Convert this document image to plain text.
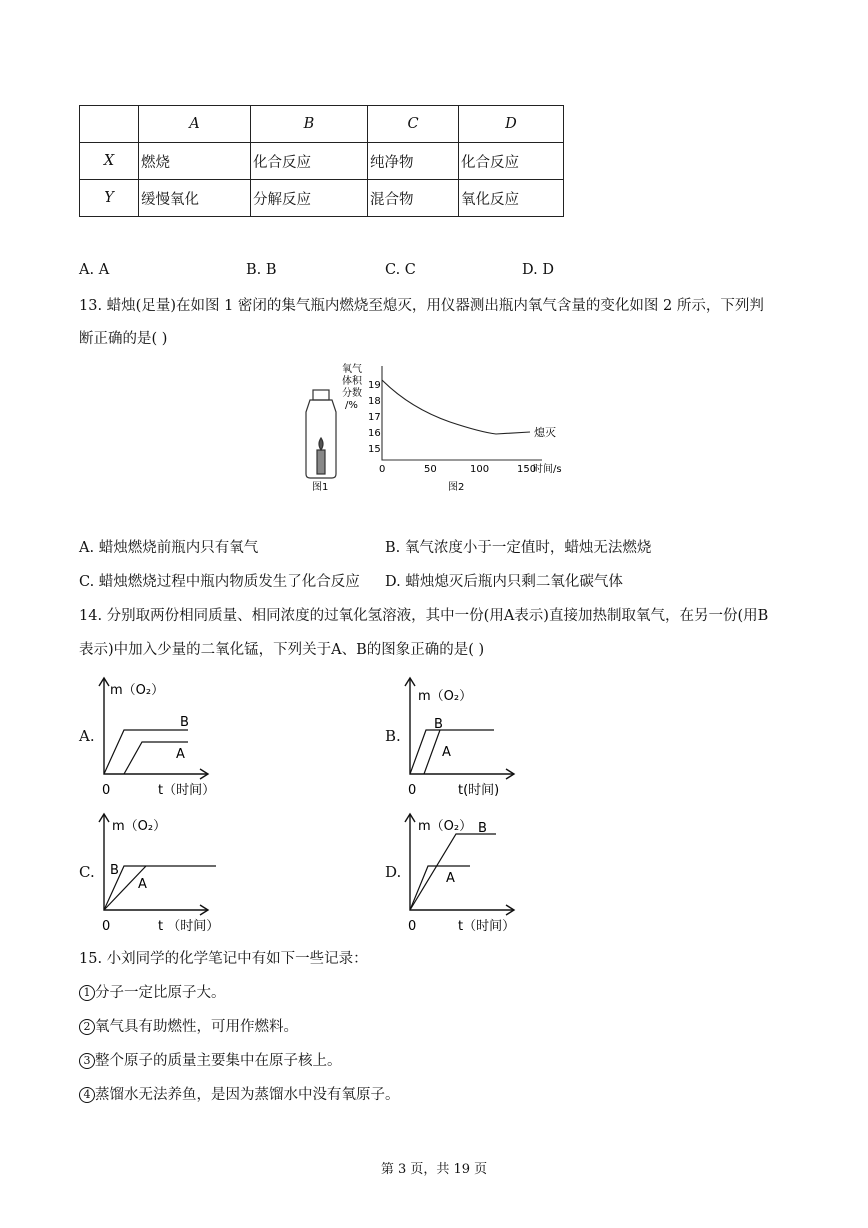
	A	B	C	D
X	燃烧	化合反应	纯净物	化合反应
Y	缓慢氧化	分解反应	混合物	氧化反应
A. A	B. B	C. C	D. D
13. 蜡烛(足量)在如图 1 密闭的集气瓶内燃烧至熄灭，用仪器测出瓶内氧气含量的变化如图 2 所示，下列判
断正确的是( )
图1
氧气
体积
分数
/%
19
18
17
16
15
0	50	100	150
时间/s
熄灭
图2
A. 蜡烛燃烧前瓶内只有氧气	B. 氧气浓度小于一定值时，蜡烛无法燃烧
C. 蜡烛燃烧过程中瓶内物质发生了化合反应 D. 蜡烛熄灭后瓶内只剩二氧化碳气体
14. 分别取两份相同质量、相同浓度的过氧化氢溶液，其中一份(用A表示)直接加热制取氧气，在另一份(用B
表示)中加入少量的二氧化锰，下列关于A、B的图象正确的是( )
A.
m（O₂）
B
A
0	t（时间）
B.
m（O₂）
B
A
0	t(时间)
C.
m（O₂）
B
A
0	t （时间）
D.
m（O₂） B
A
0	t（时间）
15. 小刘同学的化学笔记中有如下一些记录：
1 分子一定比原子大。
2 氧气具有助燃性，可用作燃料。
3 整个原子的质量主要集中在原子核上。
4 蒸馏水无法养鱼，是因为蒸馏水中没有氧原子。
第 3 页，共 19 页
